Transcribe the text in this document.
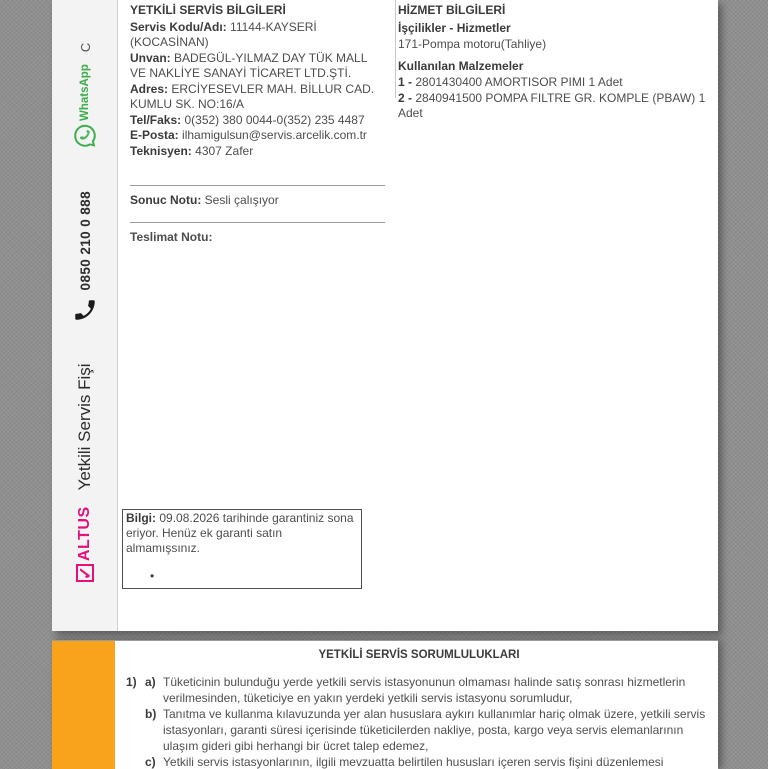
✓
ALTUS
Yetkili Servis Fişi
0850 210 0 888
WhatsApp
C

YETKİLİ SERVİS BİLGİLERİ

Servis Kodu/Adı: 11144-KAYSERİ (KOCASİNAN)

Unvan: BADEGÜL-YILMAZ DAY TÜK MALL VE NAKLİYE SANAYİ TİCARET LTD.ŞTİ.

Adres: ERCİYESEVLER MAH. BİLLUR CAD. KUMLU SK. NO:16/A

Tel/Faks: 0(352) 380 0044-0(352) 235 4487

E-Posta: ilhamigulsun@servis.arcelik.com.tr

Teknisyen: 4307 Zafer

HİZMET BİLGİLERİ

İşçilikler - Hizmetler

171-Pompa motoru(Tahliye)

Kullanılan Malzemeler

1 - 2801430400 AMORTISOR PIMI 1 Adet

2 - 2840941500 POMPA FILTRE GR. KOMPLE (PBAW) 1 Adet

Sonuc Notu: Sesli çalışıyor

Teslimat Notu:

Bilgi: 09.08.2026 tarihinde garantiniz sona eriyor. Henüz ek garanti satın almamışsınız.
•

YETKİLİ SERVİS SORUMLULUKLARI

1) a) Tüketicinin bulunduğu yerde yetkili servis istasyonunun olmaması halinde satış sonrası hizmetlerin verilmesinden, tüketiciye en yakın yerdeki yetkili servis istasyonu sorumludur,
b) Tanıtma ve kullanma kılavuzunda yer alan hususlara aykırı kullanımlar hariç olmak üzere, yetkili servis istasyonları, garanti süresi içerisinde tüketicilerden nakliye, posta, kargo veya servis elemanlarının ulaşım gideri gibi herhangi bir ücret talep edemez,
c) Yetkili servis istasyonlarının, ilgili mevzuatta belirtilen hususları içeren servis fişini düzenlemesi
